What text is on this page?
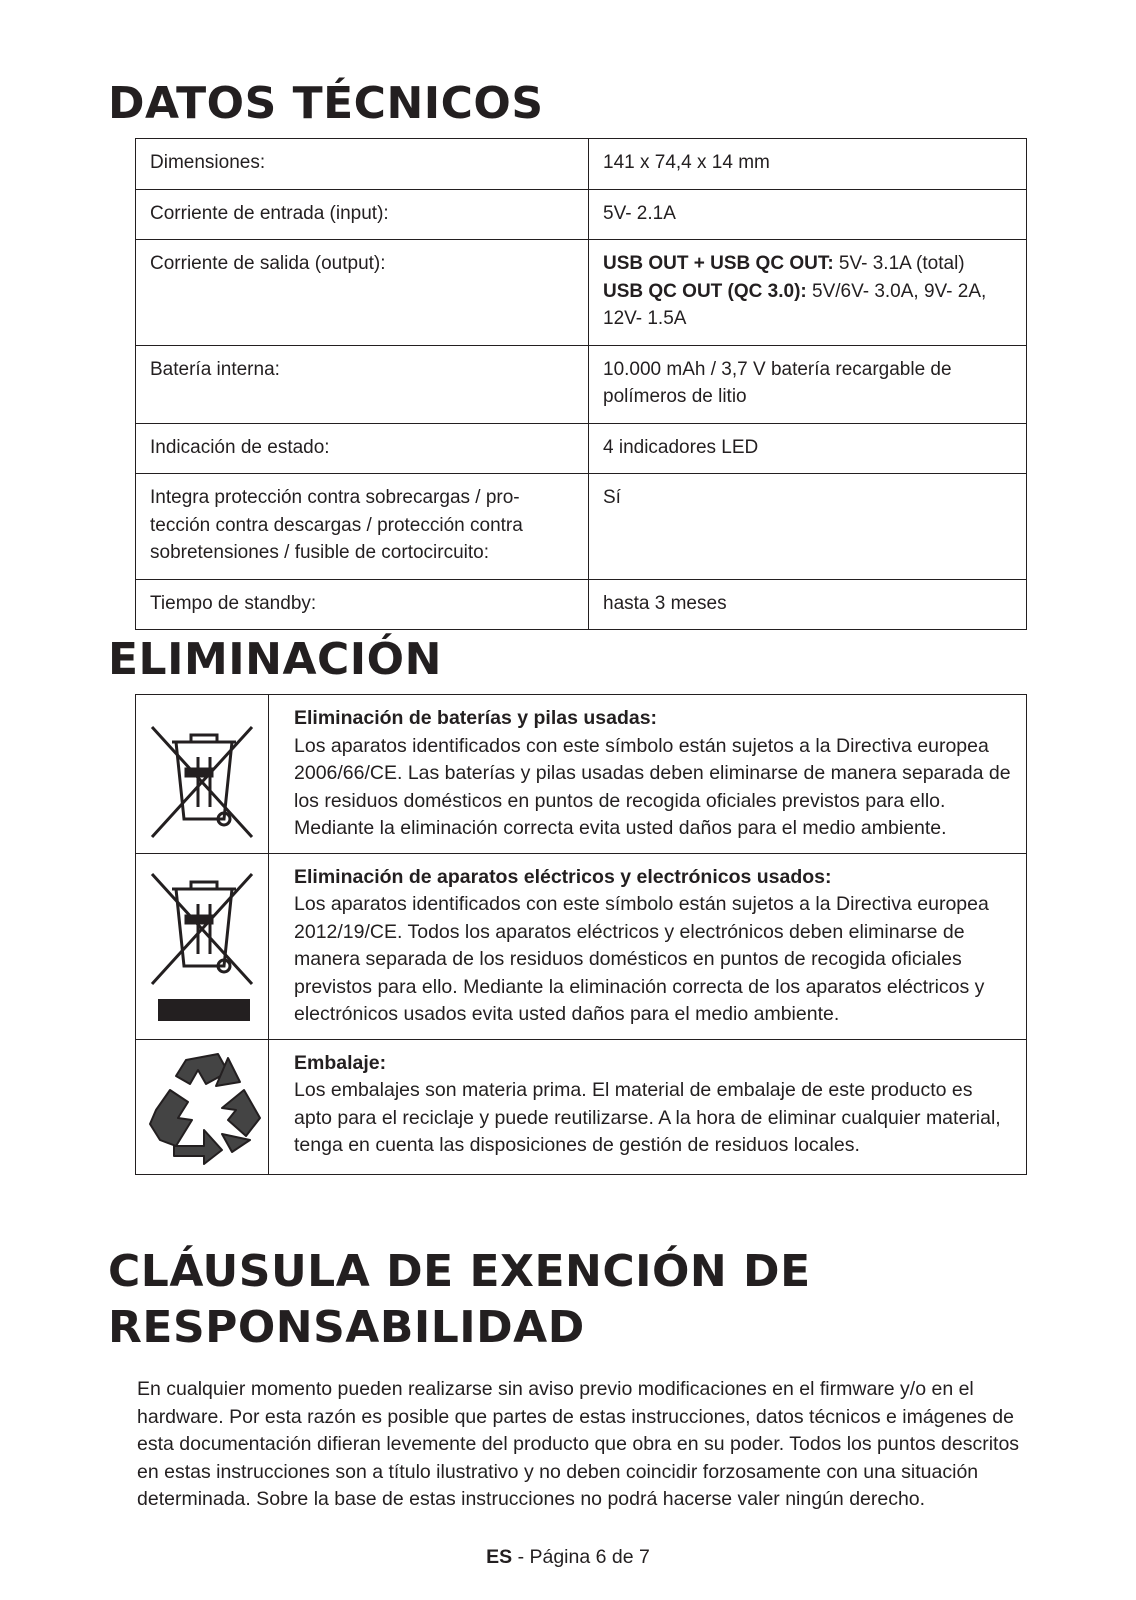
DATOS TÉCNICOS
Dimensiones:	141 x 74,4 x 14 mm
Corriente de entrada (input):	5V- 2.1A
Corriente de salida (output):	USB OUT + USB QC OUT: 5V- 3.1A (total)
USB QC OUT (QC 3.0): 5V/6V- 3.0A, 9V- 2A, 12V- 1.5A
Batería interna:	10.000 mAh / 3,7 V batería recargable de polímeros de litio
Indicación de estado:	4 indicadores LED
Integra protección contra sobrecargas / pro-tección contra descargas / protección contra sobretensiones / fusible de cortocircuito:	Sí
Tiempo de standby:	hasta 3 meses
ELIMINACIÓN

Eliminación de baterías y pilas usadas:
Los aparatos identificados con este símbolo están sujetos a la Directiva europea 2006/66/CE. Las baterías y pilas usadas deben eliminarse de manera separada de los residuos domésticos en puntos de recogida oficiales previstos para ello. Mediante la eliminación correcta evita usted daños para el medio ambiente.

Eliminación de aparatos eléctricos y electrónicos usados:
Los aparatos identificados con este símbolo están sujetos a la Directiva europea 2012/19/CE. Todos los aparatos eléctricos y electrónicos deben eliminarse de manera separada de los residuos domésticos en puntos de recogida oficiales previstos para ello. Mediante la eliminación correcta de los aparatos eléctricos y electrónicos usados evita usted daños para el medio ambiente.

Embalaje:
Los embalajes son materia prima. El material de embalaje de este producto es apto para el reciclaje y puede reutilizarse. A la hora de eliminar cualquier material, tenga en cuenta las disposiciones de gestión de residuos locales.
CLÁUSULA DE EXENCIÓN DE
RESPONSABILIDAD

En cualquier momento pueden realizarse sin aviso previo modificaciones en el firmware y/o en el hardware. Por esta razón es posible que partes de estas instrucciones, datos técnicos e imágenes de esta documentación difieran levemente del producto que obra en su poder. Todos los puntos descritos en estas instrucciones son a título ilustrativo y no deben coincidir forzosamente con una situación determinada. Sobre la base de estas instrucciones no podrá hacerse valer ningún derecho.

ES - Página 6 de 7
